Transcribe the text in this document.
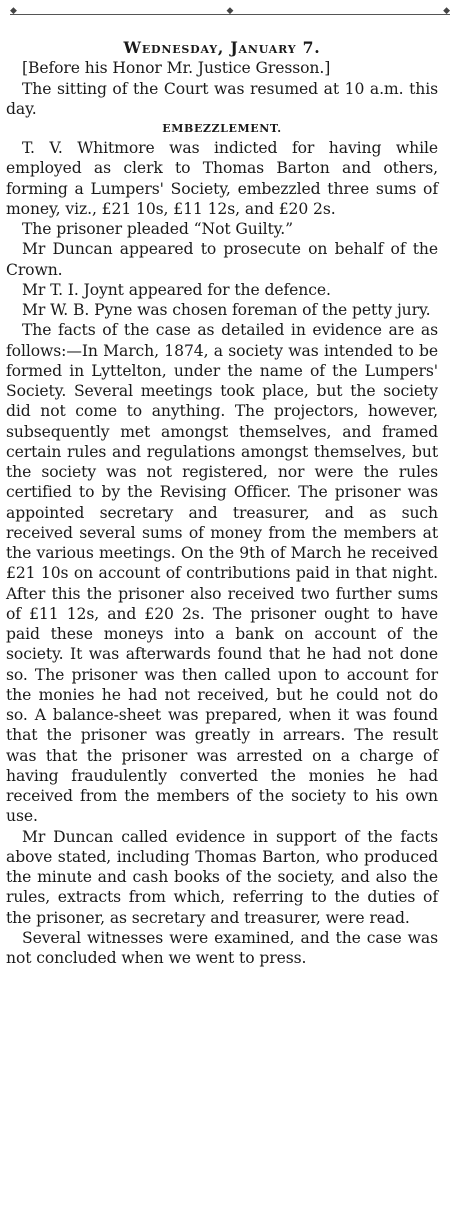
◆	◆	◆

Wednesday, January 7.

[Before his Honor Mr. Justice Gresson.]

The sitting of the Court was resumed at 10 a.m. this day.

EMBEZZLEMENT.

T. V. Whitmore was indicted for having while employed as clerk to Thomas Barton and others, forming a Lumpers' Society, embezzled three sums of money, viz., £21 10s, £11 12s, and £20 2s.

The prisoner pleaded “Not Guilty.”

Mr Duncan appeared to prosecute on behalf of the Crown.

Mr T. I. Joynt appeared for the defence.

Mr W. B. Pyne was chosen foreman of the petty jury.

The facts of the case as detailed in evidence are as follows:—In March, 1874, a society was intended to be formed in Lyttelton, under the name of the Lumpers' Society. Several meetings took place, but the society did not come to anything. The projectors, however, subsequently met amongst themselves, and framed certain rules and regulations amongst themselves, but the society was not registered, nor were the rules certified to by the Revising Officer. The prisoner was appointed secretary and treasurer, and as such received several sums of money from the members at the various meetings. On the 9th of March he received £21 10s on account of contributions paid in that night. After this the prisoner also received two further sums of £11 12s, and £20 2s. The prisoner ought to have paid these moneys into a bank on account of the society. It was afterwards found that he had not done so. The prisoner was then called upon to account for the monies he had not received, but he could not do so. A balance-sheet was prepared, when it was found that the prisoner was greatly in arrears. The result was that the prisoner was arrested on a charge of having fraudulently converted the monies he had received from the members of the society to his own use.

Mr Duncan called evidence in support of the facts above stated, including Thomas Barton, who produced the minute and cash books of the society, and also the rules, extracts from which, referring to the duties of the prisoner, as secretary and treasurer, were read.

Several witnesses were examined, and the case was not concluded when we went to press.
